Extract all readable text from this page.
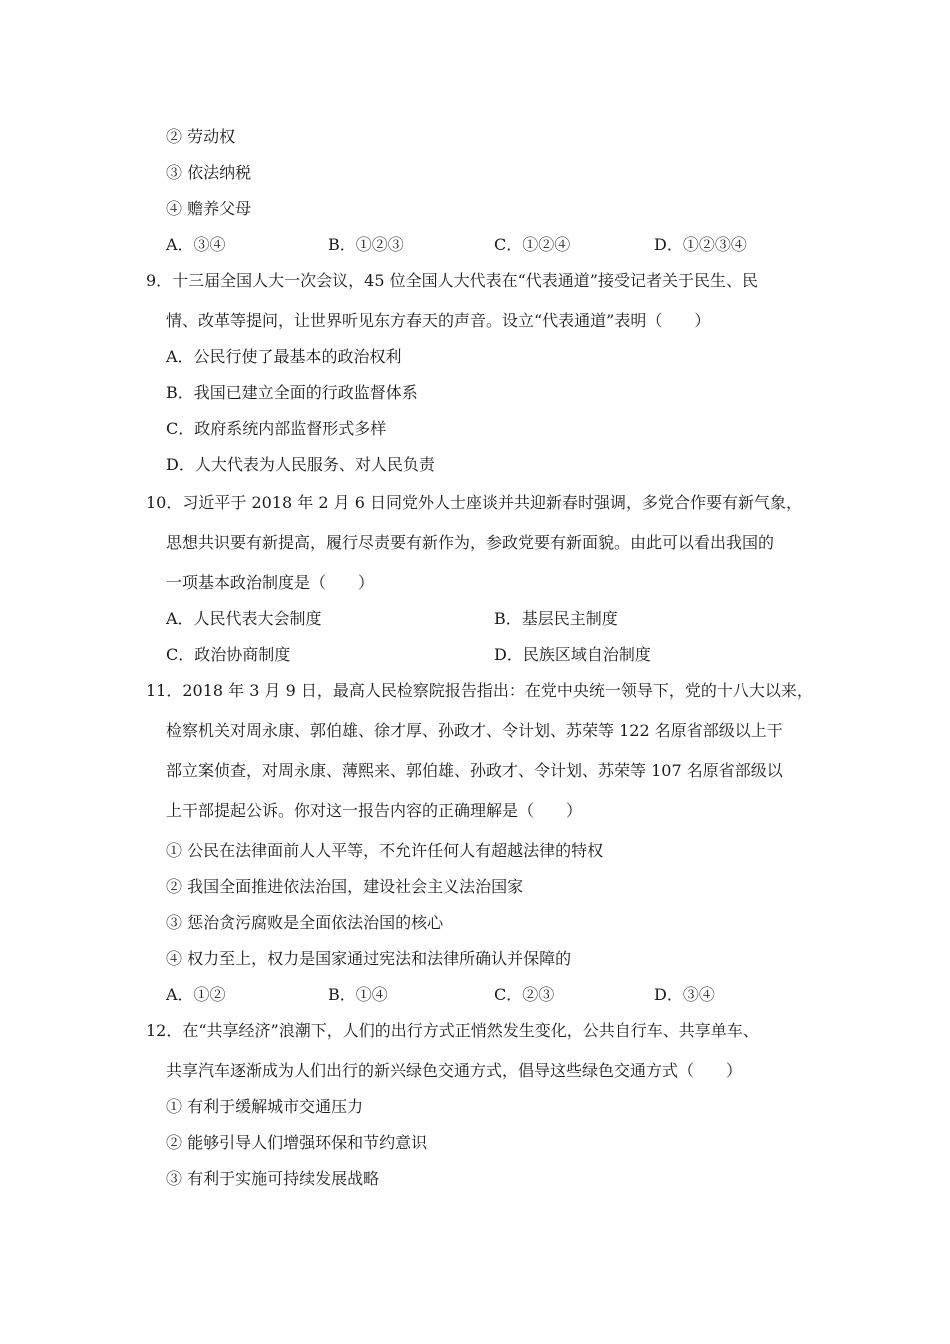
② 劳动权
③ 依法纳税
④ 赡养父母
A．③④	B．①②③	C．①②④	D．①②③④
9．十三届全国人大一次会议，45 位全国人大代表在“代表通道”接受记者关于民生、民
情、改革等提问，让世界听见东方春天的声音。设立“代表通道”表明（　　）
A．公民行使了最基本的政治权利
B．我国已建立全面的行政监督体系
C．政府系统内部监督形式多样
D．人大代表为人民服务、对人民负责
10．习近平于 2018 年 2 月 6 日同党外人士座谈并共迎新春时强调，多党合作要有新气象，
思想共识要有新提高，履行尽责要有新作为，参政党要有新面貌。由此可以看出我国的
一项基本政治制度是（　　）
A．人民代表大会制度	B．基层民主制度
C．政治协商制度	D．民族区域自治制度
11．2018 年 3 月 9 日，最高人民检察院报告指出：在党中央统一领导下，党的十八大以来，
检察机关对周永康、郭伯雄、徐才厚、孙政才、令计划、苏荣等 122 名原省部级以上干
部立案侦查，对周永康、薄熙来、郭伯雄、孙政才、令计划、苏荣等 107 名原省部级以
上干部提起公诉。你对这一报告内容的正确理解是（　　）
① 公民在法律面前人人平等，不允许任何人有超越法律的特权
② 我国全面推进依法治国，建设社会主义法治国家
③ 惩治贪污腐败是全面依法治国的核心
④ 权力至上，权力是国家通过宪法和法律所确认并保障的
A．①②	B．①④	C．②③	D．③④
12．在“共享经济”浪潮下，人们的出行方式正悄然发生变化，公共自行车、共享单车、
共享汽车逐渐成为人们出行的新兴绿色交通方式，倡导这些绿色交通方式（　　）
① 有利于缓解城市交通压力
② 能够引导人们增强环保和节约意识
③ 有利于实施可持续发展战略
